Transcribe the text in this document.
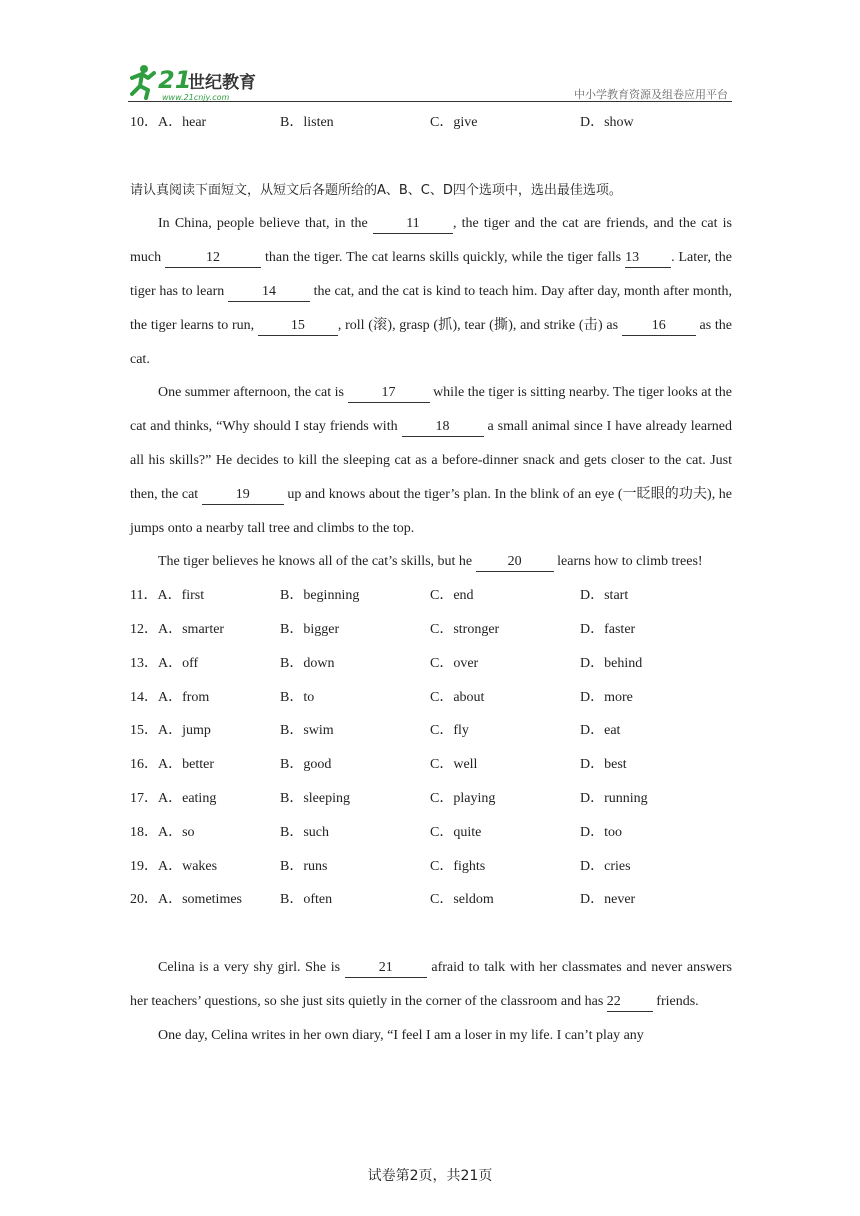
21
世纪教育
www.21cnjy.com	中小学教育资源及组卷应用平台
10．A．hear	B．listen	C．give	D．show
请认真阅读下面短文，从短文后各题所给的A、B、C、D四个选项中，选出最佳选项。

In China, people believe that, in the 11 , the tiger and the cat are friends, and the cat is much	12	than the tiger. The cat learns skills quickly, while the tiger falls 13 . Later, the tiger has to learn 14 the cat, and the cat is kind to teach him. Day after day, month after month, the tiger learns to run, 15 , roll (滚), grasp (抓), tear (撕), and strike (击) as 16 as the cat.

One summer afternoon, the cat is 17 while the tiger is sitting nearby. The tiger looks at the cat and thinks, “Why should I stay friends with 18 a small animal since I have already learned all his skills?” He decides to kill the sleeping cat as a before-dinner snack and gets closer to the cat. Just then, the cat 19 up and knows about the tiger’s plan. In the blink of an eye (一眨眼的功夫), he jumps onto a nearby tall tree and climbs to the top.

The tiger believes he knows all of the cat’s skills, but he 20 learns how to climb trees!

11．A．first	B．beginning	C．end	D．start
12．A．smarter	B．bigger	C．stronger	D．faster
13．A．off	B．down	C．over	D．behind
14．A．from	B．to	C．about	D．more
15．A．jump	B．swim	C．fly	D．eat
16．A．better	B．good	C．well	D．best
17．A．eating	B．sleeping	C．playing	D．running
18．A．so	B．such	C．quite	D．too
19．A．wakes	B．runs	C．fights	D．cries
20．A．sometimes	B．often	C．seldom	D．never

Celina is a very shy girl. She is 21 afraid to talk with her classmates and never answers her teachers’ questions, so she just sits quietly in the corner of the classroom and has 22 friends.

One day, Celina writes in her own diary, “I feel I am a loser in my life. I can’t play any

试卷第2页，共21页
